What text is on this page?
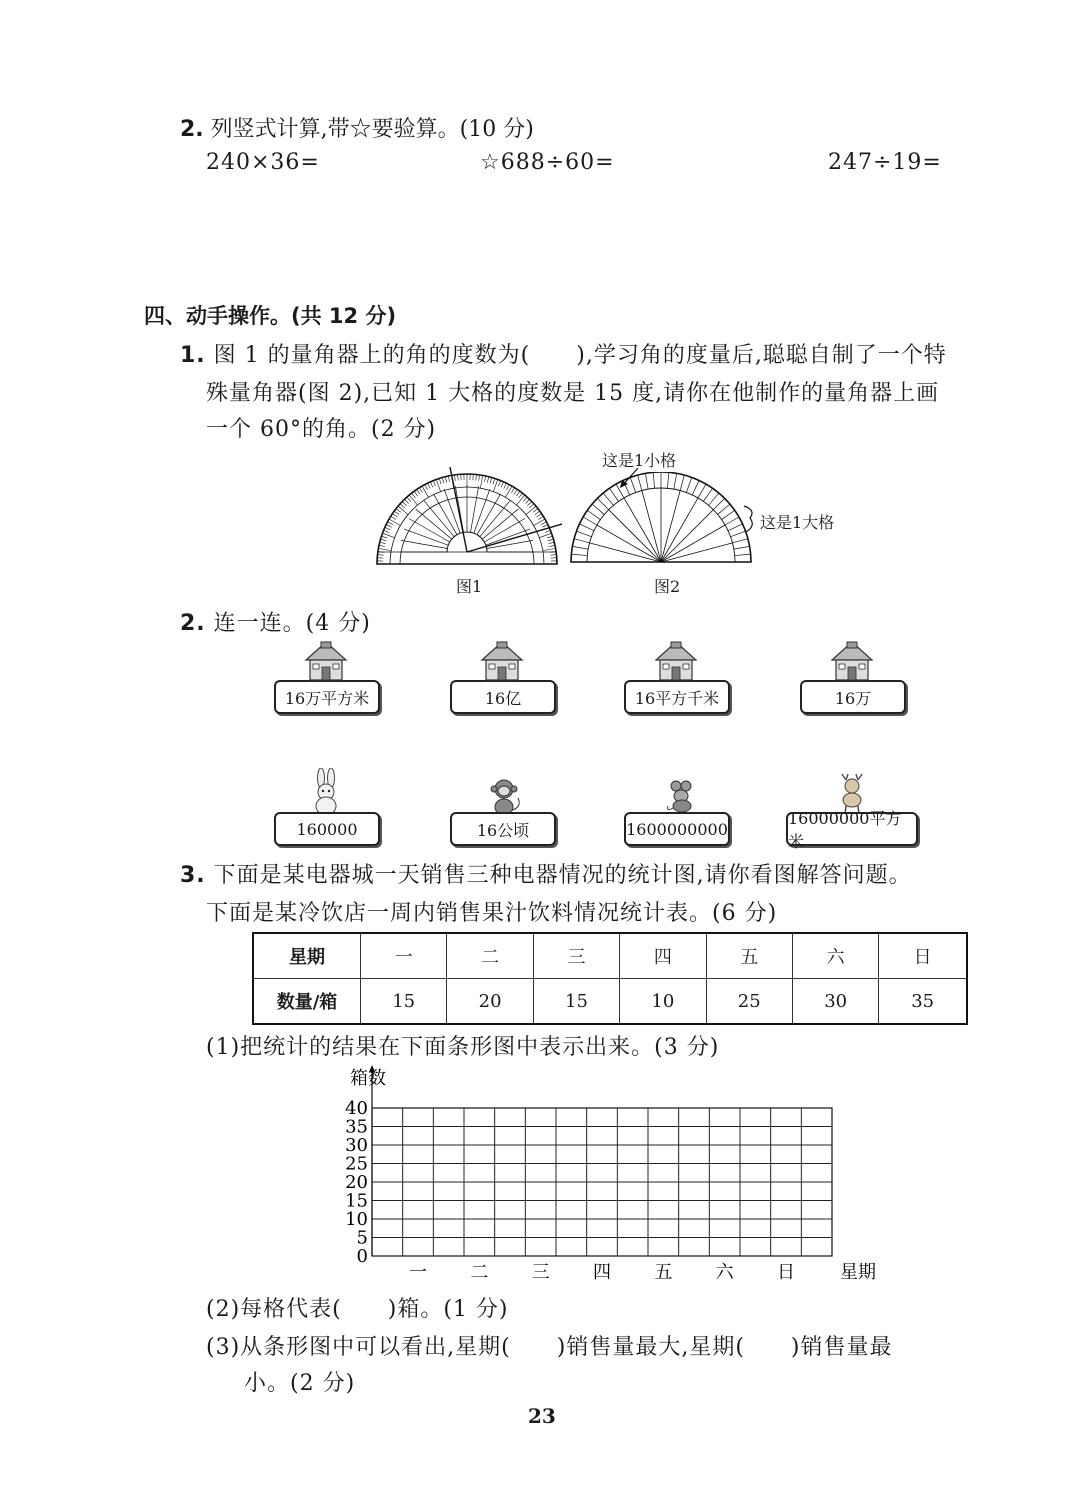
2. 列竖式计算,带☆要验算。(10 分)
240×36=	☆688÷60=	247÷19=
四、动手操作。(共 12 分)
1. 图 1 的量角器上的角的度数为(　　),学习角的度量后,聪聪自制了一个特
殊量角器(图 2),已知 1 大格的度数是 15 度,请你在他制作的量角器上画
一个 60°的角。(2 分)
图1
这是1小格
这是1大格
图2
2. 连一连。(4 分)
16万平方米	16亿	16平方千米	16万
160000	16公顷	1600000000
16000000平方米
3. 下面是某电器城一天销售三种电器情况的统计图,请你看图解答问题。
下面是某冷饮店一周内销售果汁饮料情况统计表。(6 分)
星期	一	二	三	四	五	六	日
数量/箱	15	20	15	10	25	30	35
(1)把统计的结果在下面条形图中表示出来。(3 分)
箱数
0
5
10
15
20
25
30
35
40
一 二 三 四 五 六 日	星期
(2)每格代表(　　)箱。(1 分)
(3)从条形图中可以看出,星期(　　)销售量最大,星期(　　)销售量最
小。(2 分)
23
